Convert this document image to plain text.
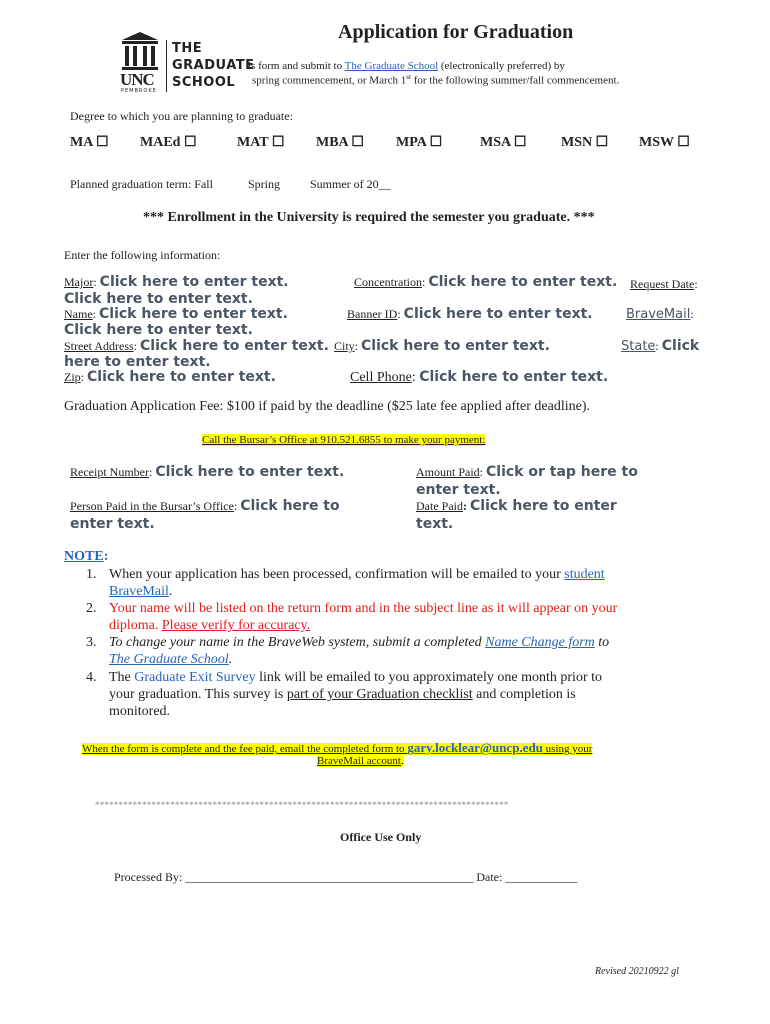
THE
GRADUATE
SCHOOL
UNC
PEMBROKE
Application for Graduation
is form and submit to The Graduate School (electronically preferred) by
spring commencement, or March 1st for the following summer/fall commencement.
Degree to which you are planning to graduate:
MA ☐ MAEd ☐	MAT ☐ MBA ☐ MPA ☐	MSA ☐ MSN ☐ MSW ☐
Planned graduation term: Fall	Spring Summer of 20__
*** Enrollment in the University is required the semester you graduate. ***
Enter the following information:
Major: Click here to enter text.
Click here to enter text.
Concentration: Click here to enter text. Request Date:
Name: Click here to enter text.
Click here to enter text.
Banner ID: Click here to enter text.	BraveMail:
Street Address: Click here to enter text.
here to enter text.
City: Click here to enter text.	State: Click
Zip: Click here to enter text.	Cell Phone: Click here to enter text.
Graduation Application Fee: $100 if paid by the deadline ($25 late fee applied after deadline).
Call the Bursar’s Office at 910.521.6855 to make your payment:
Receipt Number: Click here to enter text.	Amount Paid: Click or tap here to
enter text.
Person Paid in the Bursar’s Office: Click here to
enter text.
Date Paid: Click here to enter
text.
NOTE:
1. When your application has been processed, confirmation will be emailed to your student
BraveMail.
2. Your name will be listed on the return form and in the subject line as it will appear on your
diploma. Please verify for accuracy.
3. To change your name in the BraveWeb system, submit a completed Name Change form to
The Graduate School.
4. The Graduate Exit Survey link will be emailed to you approximately one month prior to
your graduation. This survey is part of your Graduation checklist and completion is
monitored.
When the form is complete and the fee paid, email the completed form to gary.locklear@uncp.edu using your
BraveMail account.
****************************************************************************************
Office Use Only
Processed By: ________________________________________________ Date: ____________
Revised 20210922 gl
